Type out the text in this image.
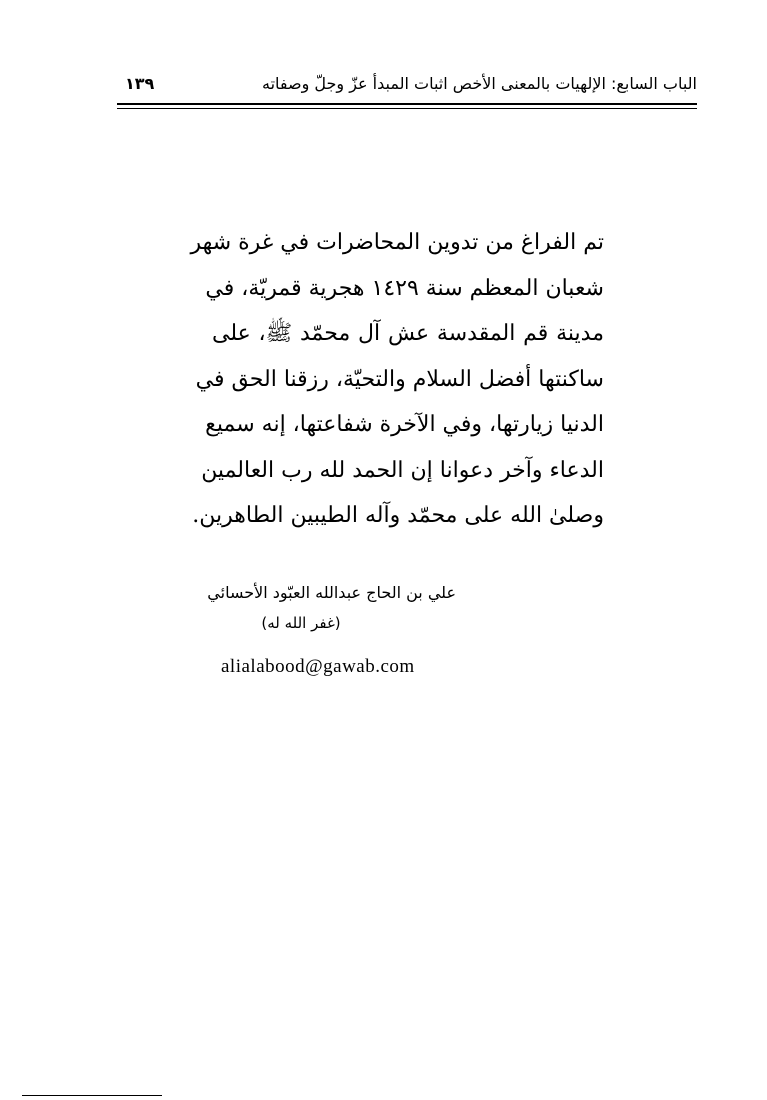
الباب السابع: الإلهيات بالمعنى الأخص اثبات المبدأ عزّ وجلّ وصفاته
١٣٩
تم الفراغ من تدوين المحاضرات في غرة شهر
شعبان المعظم سنة ١٤٢٩ هجرية قمريّة، في
مدينة قم المقدسة عش آل محمّد ﷺ، على
ساكنتها أفضل السلام والتحيّة، رزقنا الحق في
الدنيا زيارتها، وفي الآخرة شفاعتها، إنه سميع
الدعاء وآخر دعوانا إن الحمد لله رب العالمين
وصلىٰ الله على محمّد وآله الطيبين الطاهرين.
علي بن الحاج عبدالله العبّود الأحسائي
(غفر الله له)
alialabood@gawab.com
